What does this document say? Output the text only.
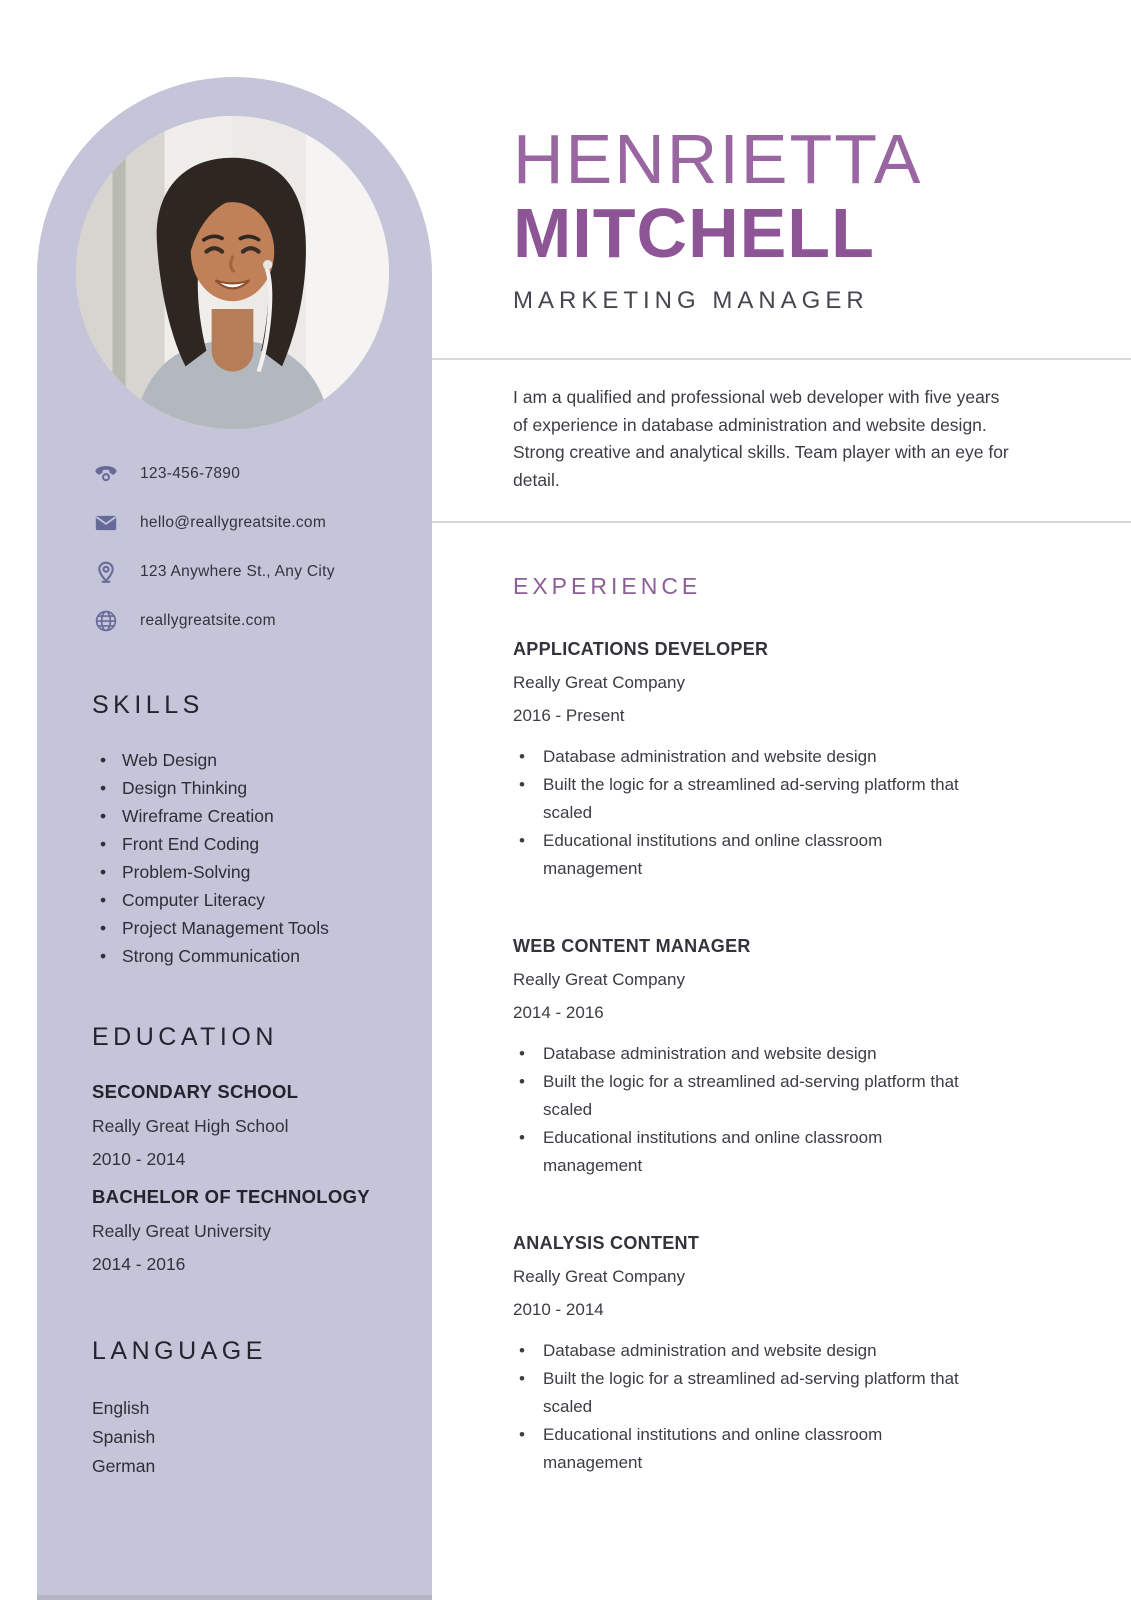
123-456-7890
hello@reallygreatsite.com
123 Anywhere St., Any City
reallygreatsite.com
SKILLS
• Web Design
• Design Thinking
• Wireframe Creation
• Front End Coding
• Problem-Solving
• Computer Literacy
• Project Management Tools
• Strong Communication
EDUCATION
SECONDARY SCHOOL
Really Great High School
2010 - 2014
BACHELOR OF TECHNOLOGY
Really Great University
2014 - 2016
LANGUAGE
English
Spanish
German
HENRIETTA
MITCHELL
MARKETING MANAGER
I am a qualified and professional web developer with five years of experience in database administration and website design. Strong creative and analytical skills. Team player with an eye for detail.
EXPERIENCE
APPLICATIONS DEVELOPER
Really Great Company
2016 - Present
• Database administration and website design
• Built the logic for a streamlined ad-serving platform that scaled
• Educational institutions and online classroom management
WEB CONTENT MANAGER
Really Great Company
2014 - 2016
• Database administration and website design
• Built the logic for a streamlined ad-serving platform that scaled
• Educational institutions and online classroom management
ANALYSIS CONTENT
Really Great Company
2010 - 2014
• Database administration and website design
• Built the logic for a streamlined ad-serving platform that scaled
• Educational institutions and online classroom management
